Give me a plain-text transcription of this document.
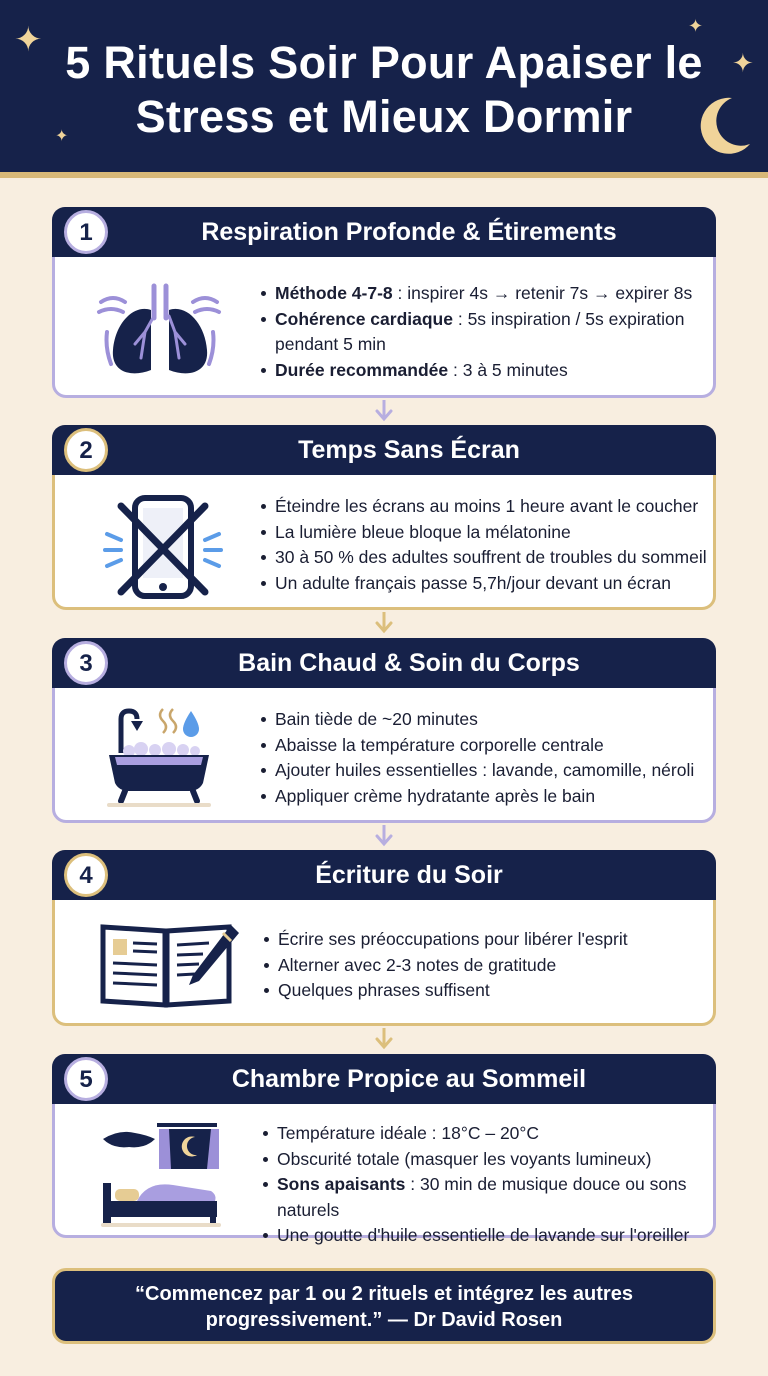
✦
✦
✦
✦
5 Rituels Soir Pour Apaiser le Stress et Mieux Dormir
1	Respiration Profonde & Étirements
Méthode 4-7-8 : inspirer 4s → retenir 7s → expirer 8s
Cohérence cardiaque : 5s inspiration / 5s expiration pendant 5 min
Durée recommandée : 3 à 5 minutes
2	Temps Sans Écran
Éteindre les écrans au moins 1 heure avant le coucher
La lumière bleue bloque la mélatonine
30 à 50 % des adultes souffrent de troubles du sommeil
Un adulte français passe 5,7h/jour devant un écran
3	Bain Chaud & Soin du Corps
Bain tiède de ~20 minutes
Abaisse la température corporelle centrale
Ajouter huiles essentielles : lavande, camomille, néroli
Appliquer crème hydratante après le bain
4	Écriture du Soir
Écrire ses préoccupations pour libérer l'esprit
Alterner avec 2-3 notes de gratitude
Quelques phrases suffisent
5	Chambre Propice au Sommeil
Température idéale : 18°C – 20°C
Obscurité totale (masquer les voyants lumineux)
Sons apaisants : 30 min de musique douce ou sons naturels
Une goutte d'huile essentielle de lavande sur l'oreiller
“Commencez par 1 ou 2 rituels et intégrez les autres progressivement.” — Dr David Rosen
